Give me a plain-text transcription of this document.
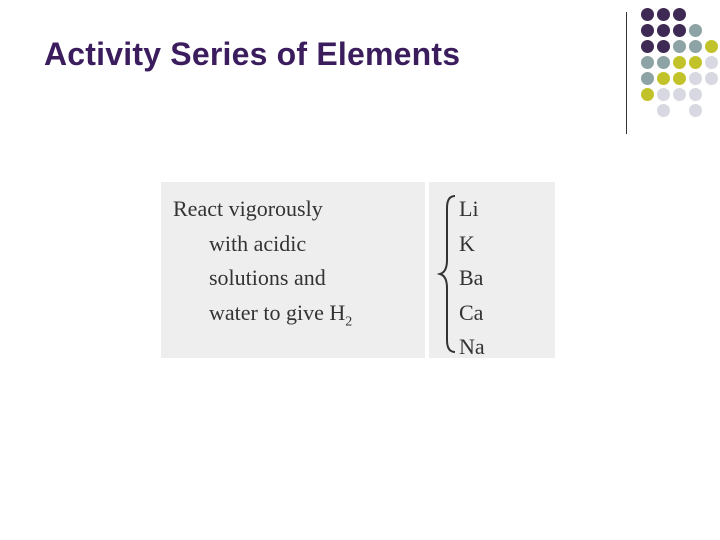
Activity Series of Elements
React vigorously
with acidic
solutions and
water to give $H_2$
Li
K
Ba
Ca
Na
